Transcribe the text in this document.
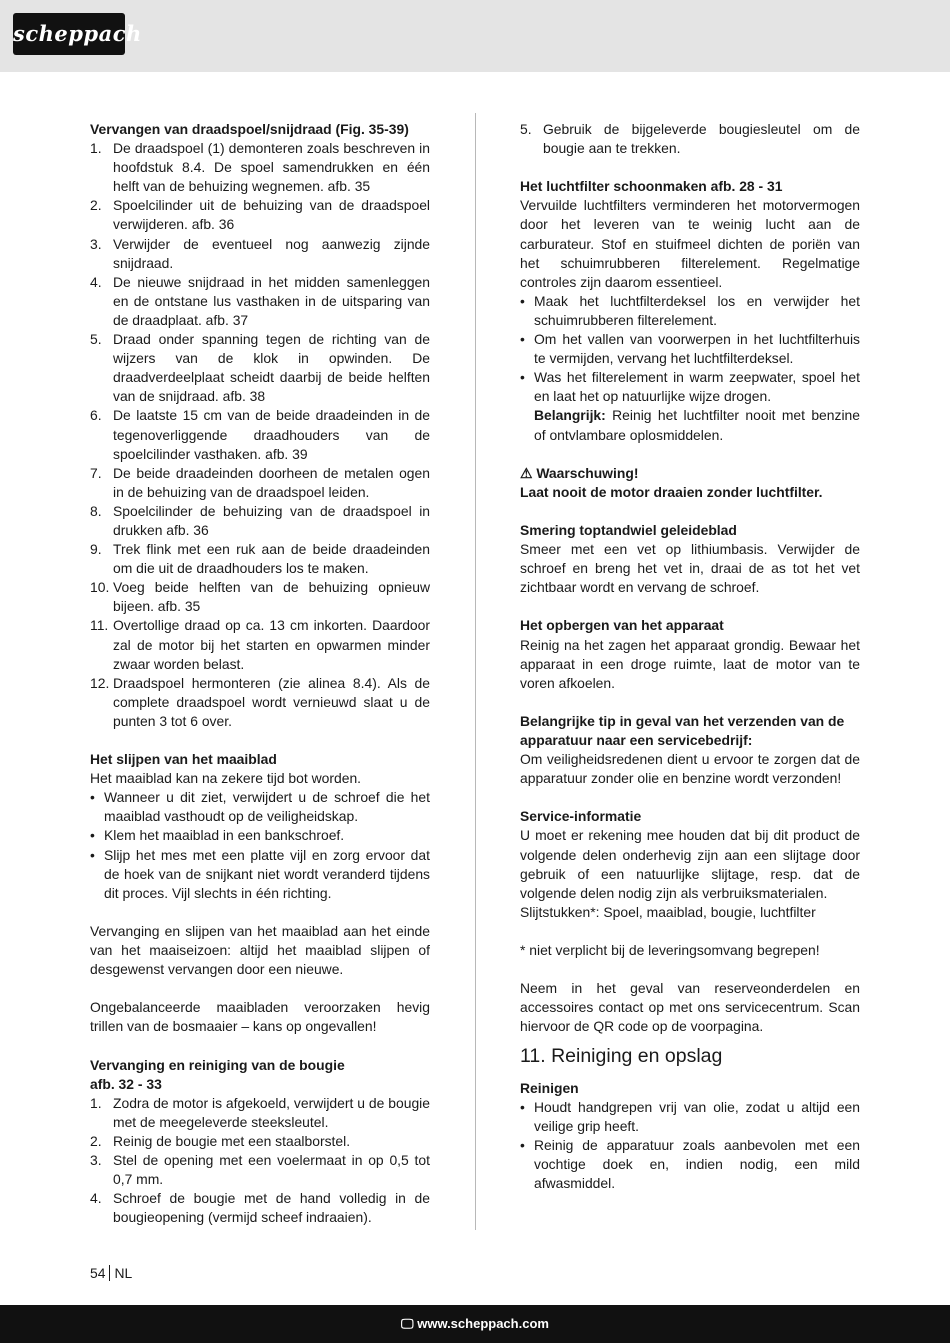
scheppach
Vervangen van draadspoel/snijdraad (Fig. 35-39)
1. De draadspoel (1) demonteren zoals beschreven in hoofdstuk 8.4. De spoel samendrukken en één helft van de behuizing wegnemen. afb. 35
2. Spoelcilinder uit de behuizing van de draadspoel verwijderen. afb. 36
3. Verwijder de eventueel nog aanwezig zijnde snijdraad.
4. De nieuwe snijdraad in het midden samenleggen en de ontstane lus vasthaken in de uitsparing van de draadplaat. afb. 37
5. Draad onder spanning tegen de richting van de wijzers van de klok in opwinden. De draadverdeelplaat scheidt daarbij de beide helften van de snijdraad. afb. 38
6. De laatste 15 cm van de beide draadeinden in de tegenoverliggende draadhouders van de spoelcilinder vasthaken. afb. 39
7. De beide draadeinden doorheen de metalen ogen in de behuizing van de draadspoel leiden.
8. Spoelcilinder de behuizing van de draadspoel in drukken afb. 36
9. Trek flink met een ruk aan de beide draadeinden om die uit de draadhouders los te maken.
10. Voeg beide helften van de behuizing opnieuw bijeen. afb. 35
11. Overtollige draad op ca. 13 cm inkorten. Daardoor zal de motor bij het starten en opwarmen minder zwaar worden belast.
12. Draadspoel hermonteren (zie alinea 8.4). Als de complete draadspoel wordt vernieuwd slaat u de punten 3 tot 6 over.
Het slijpen van het maaiblad

Het maaiblad kan na zekere tijd bot worden.

• Wanneer u dit ziet, verwijdert u de schroef die het maaiblad vasthoudt op de veiligheidskap.
• Klem het maaiblad in een bankschroef.
• Slijp het mes met een platte vijl en zorg ervoor dat de hoek van de snijkant niet wordt veranderd tijdens dit proces. Vijl slechts in één richting.

Vervanging en slijpen van het maaiblad aan het einde van het maaiseizoen: altijd het maaiblad slijpen of desgewenst vervangen door een nieuwe.

Ongebalanceerde maaibladen veroorzaken hevig trillen van de bosmaaier – kans op ongevallen!

Vervanging en reiniging van de bougie
afb. 32 - 33
1. Zodra de motor is afgekoeld, verwijdert u de bougie met de meegeleverde steeksleutel.
2. Reinig de bougie met een staalborstel.
3. Stel de opening met een voelermaat in op 0,5 tot 0,7 mm.
4. Schroef de bougie met de hand volledig in de bougieopening (vermijd scheef indraaien).
5. Gebruik de bijgeleverde bougiesleutel om de bougie aan te trekken.
Het luchtfilter schoonmaken afb. 28 - 31

Vervuilde luchtfilters verminderen het motorvermogen door het leveren van te weinig lucht aan de carburateur. Stof en stuifmeel dichten de poriën van het schuimrubberen filterelement. Regelmatige controles zijn daarom essentieel.

• Maak het luchtfilterdeksel los en verwijder het schuimrubberen filterelement.
• Om het vallen van voorwerpen in het luchtfilterhuis te vermijden, vervang het luchtfilterdeksel.
• Was het filterelement in warm zeepwater, spoel het en laat het op natuurlijke wijze drogen.
Belangrijk: Reinig het luchtfilter nooit met benzine of ontvlambare oplosmiddelen.
⚠ Waarschuwing!
Laat nooit de motor draaien zonder luchtfilter.
Smering toptandwiel geleideblad

Smeer met een vet op lithiumbasis. Verwijder de schroef en breng het vet in, draai de as tot het vet zichtbaar wordt en vervang de schroef.

Het opbergen van het apparaat

Reinig na het zagen het apparaat grondig. Bewaar het apparaat in een droge ruimte, laat de motor van te voren afkoelen.

Belangrijke tip in geval van het verzenden van de apparatuur naar een servicebedrijf:

Om veiligheidsredenen dient u ervoor te zorgen dat de apparatuur zonder olie en benzine wordt verzonden!

Service-informatie

U moet er rekening mee houden dat bij dit product de volgende delen onderhevig zijn aan een slijtage door gebruik of een natuurlijke slijtage, resp. dat de volgende delen nodig zijn als verbruiksmaterialen.

Slijtstukken*: Spoel, maaiblad, bougie, luchtfilter

* niet verplicht bij de leveringsomvang begrepen!

Neem in het geval van reserveonderdelen en accessoires contact op met ons servicecentrum. Scan hiervoor de QR code op de voorpagina.

11. Reiniging en opslag
Reinigen
• Houdt handgrepen vrij van olie, zodat u altijd een veilige grip heeft.
• Reinig de apparatuur zoals aanbevolen met een vochtige doek en, indien nodig, een mild afwasmiddel.
54 NL
🖵 www.scheppach.com
